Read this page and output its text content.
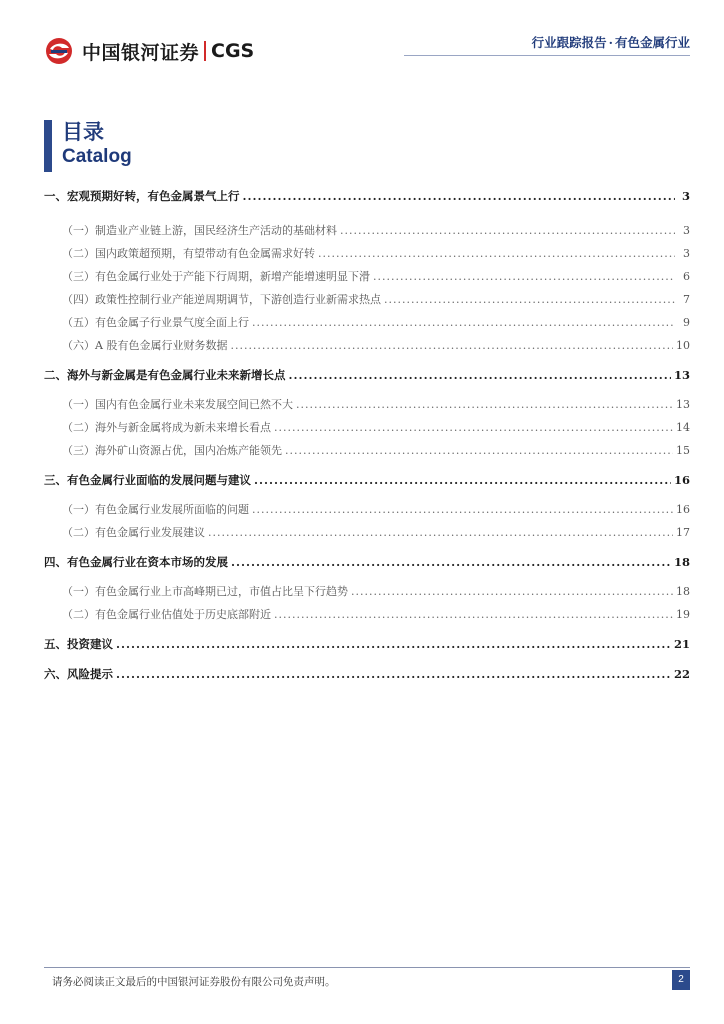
中国银河证券 CGS	行业跟踪报告 · 有色金属行业
目录
Catalog
一、 宏观预期好转，有色金属景气上行 .....	3
（一） 制造业产业链上游，国民经济生产活动的基础材料 .....	3
（二） 国内政策超预期，有望带动有色金属需求好转 .....	3
（三） 有色金属行业处于产能下行周期，新增产能增速明显下滑 .....	6
（四） 政策性控制行业产能逆周期调节，下游创造行业新需求热点 .....	7
（五） 有色金属子行业景气度全面上行 .....	9
（六） A 股有色金属行业财务数据 .....	10
二、 海外与新金属是有色金属行业未来新增长点 .....	13
（一） 国内有色金属行业未来发展空间已然不大 .....	13
（二） 海外与新金属将成为新未来增长看点 .....	14
（三） 海外矿山资源占优，国内冶炼产能领先 .....	15
三、 有色金属行业面临的发展问题与建议 .....	16
（一） 有色金属行业发展所面临的问题 .....	16
（二） 有色金属行业发展建议 .....	17
四、 有色金属行业在资本市场的发展 .....	18
（一） 有色金属行业上市高峰期已过，市值占比呈下行趋势 .....	18
（二） 有色金属行业估值处于历史底部附近 .....	19
五、 投资建议 .....	21
六、 风险提示 .....	22
请务必阅读正文最后的中国银河证券股份有限公司免责声明。	2
